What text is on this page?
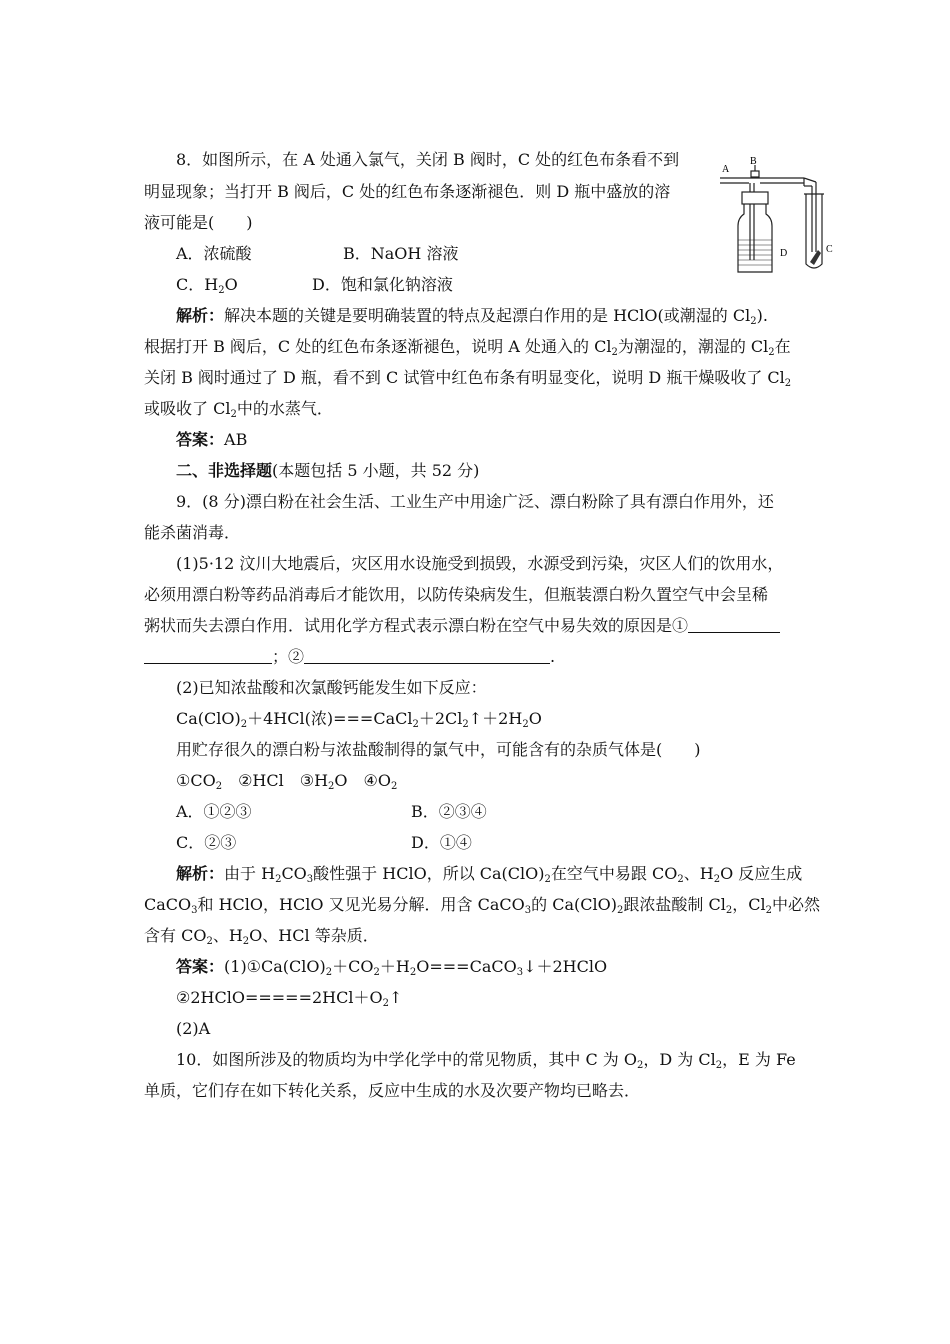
8．如图所示，在 A 处通入氯气，关闭 B 阀时，C 处的红色布条看不到
明显现象；当打开 B 阀后，C 处的红色布条逐渐褪色．则 D 瓶中盛放的溶
液可能是(　　)
A．浓硫酸	B．NaOH 溶液
C．$H_2O$	D．饱和氯化钠溶液
A
B
C
D
解析：解决本题的关键是要明确装置的特点及起漂白作用的是 HClO(或潮湿的 $Cl_2$).
根据打开 B 阀后，C 处的红色布条逐渐褪色，说明 A 处通入的 $Cl_2$为潮湿的，潮湿的 $Cl_2$在
关闭 B 阀时通过了 D 瓶，看不到 C 试管中红色布条有明显变化，说明 D 瓶干燥吸收了 $Cl_2$
或吸收了 $Cl_2$中的水蒸气．
答案：AB
二、非选择题(本题包括 5 小题，共 52 分)
9．(8 分)漂白粉在社会生活、工业生产中用途广泛、漂白粉除了具有漂白作用外，还
能杀菌消毒．
(1)5·12 汶川大地震后，灾区用水设施受到损毁，水源受到污染，灾区人们的饮用水，
必须用漂白粉等药品消毒后才能饮用，以防传染病发生，但瓶装漂白粉久置空气中会呈稀
粥状而失去漂白作用．试用化学方程式表示漂白粉在空气中易失效的原因是①
；②	.
(2)已知浓盐酸和次氯酸钙能发生如下反应：
$Ca(ClO)_2+4HCl$(浓)$===CaCl_2+2Cl_2↑+2H_2O$
用贮存很久的漂白粉与浓盐酸制得的氯气中，可能含有的杂质气体是(　　)
$①CO_2$  ②HCl  $③H_2O$  $④O_2$
A．①②③	B．②③④
C．②③	D．①④
解析：由于 $H_2CO_3$酸性强于 HClO，所以 $Ca(ClO)_2$在空气中易跟 $CO_2$、$H_2O$ 反应生成
CaCO$_3$和 HClO，HClO 又见光易分解．用含 CaCO$_3$的 $Ca(ClO)_2$跟浓盐酸制 $Cl_2$，$Cl_2$中必然
含有 $CO_2$、$H_2O$、HCl 等杂质．
答案：$(1)①Ca(ClO)_2+CO_2+H_2O===CaCO_3↓+2HClO$
$②2HClO=====2HCl+O_2↑$
(2)A
10．如图所涉及的物质均为中学化学中的常见物质，其中 C 为 $O_2$，D 为 $Cl_2$，E 为 Fe
单质，它们存在如下转化关系，反应中生成的水及次要产物均已略去．
